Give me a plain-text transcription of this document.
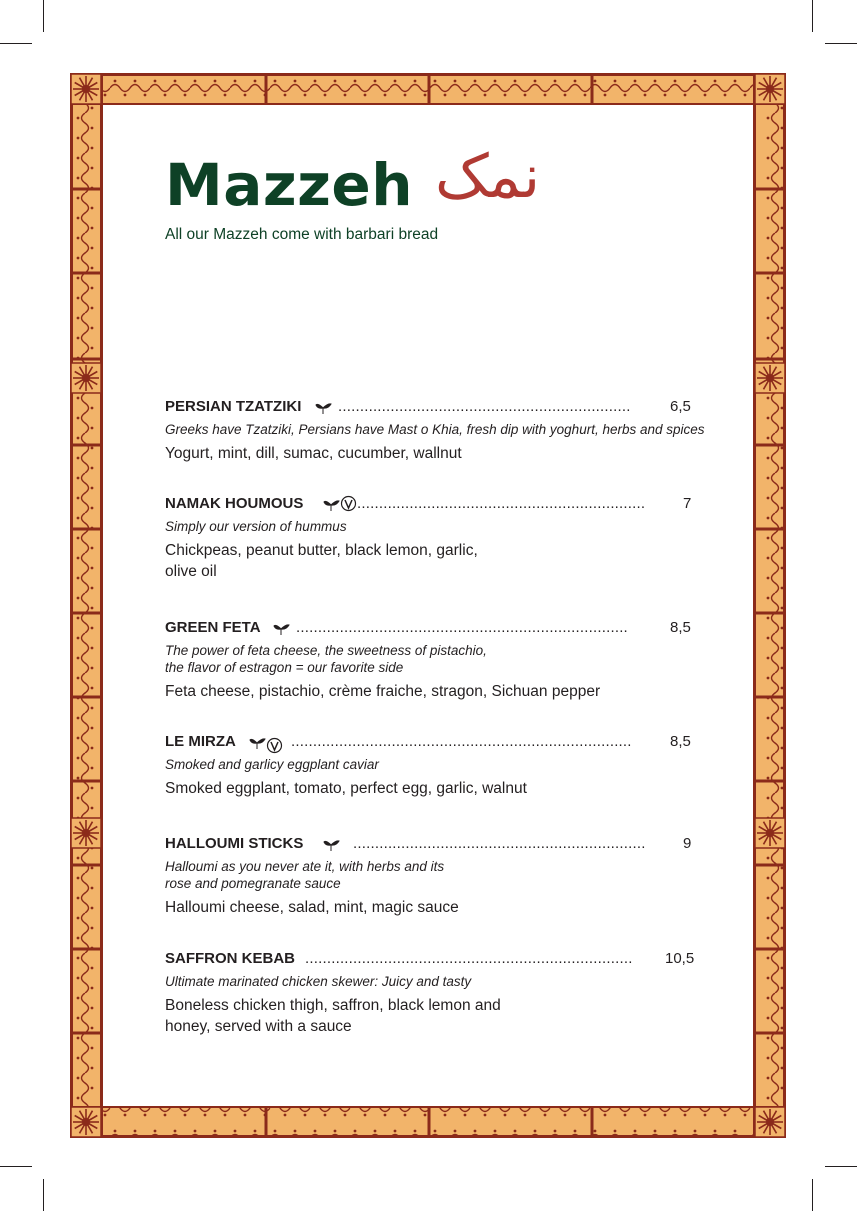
Mazzeh نمک
All our Mazzeh come with barbari bread
PERSIAN TZATZIKI ...................................................................	6,5
Greeks have Tzatziki, Persians have Mast o Khia, fresh dip with yoghurt, herbs and spices
Yogurt, mint, dill, sumac, cucumber, wallnut
NAMAK HOUMOUS	..................................................................	7
Simply our version of hummus
Chickpeas, peanut butter, black lemon, garlic,
olive oil
GREEN FETA ............................................................................	8,5
The power of feta cheese, the sweetness of pistachio,
the flavor of estragon = our favorite side
Feta cheese, pistachio, crème fraiche, stragon, Sichuan pepper
LE MIRZA	..............................................................................	8,5
Smoked and garlicy eggplant caviar
Smoked eggplant, tomato, perfect egg, garlic, walnut
HALLOUMI STICKS	...................................................................	9
Halloumi as you never ate it, with herbs and its
rose and pomegranate sauce
Halloumi cheese, salad, mint, magic sauce
SAFFRON KEBAB ...........................................................................	10,5
Ultimate marinated chicken skewer: Juicy and tasty
Boneless chicken thigh, saffron, black lemon and
honey, served with a sauce
